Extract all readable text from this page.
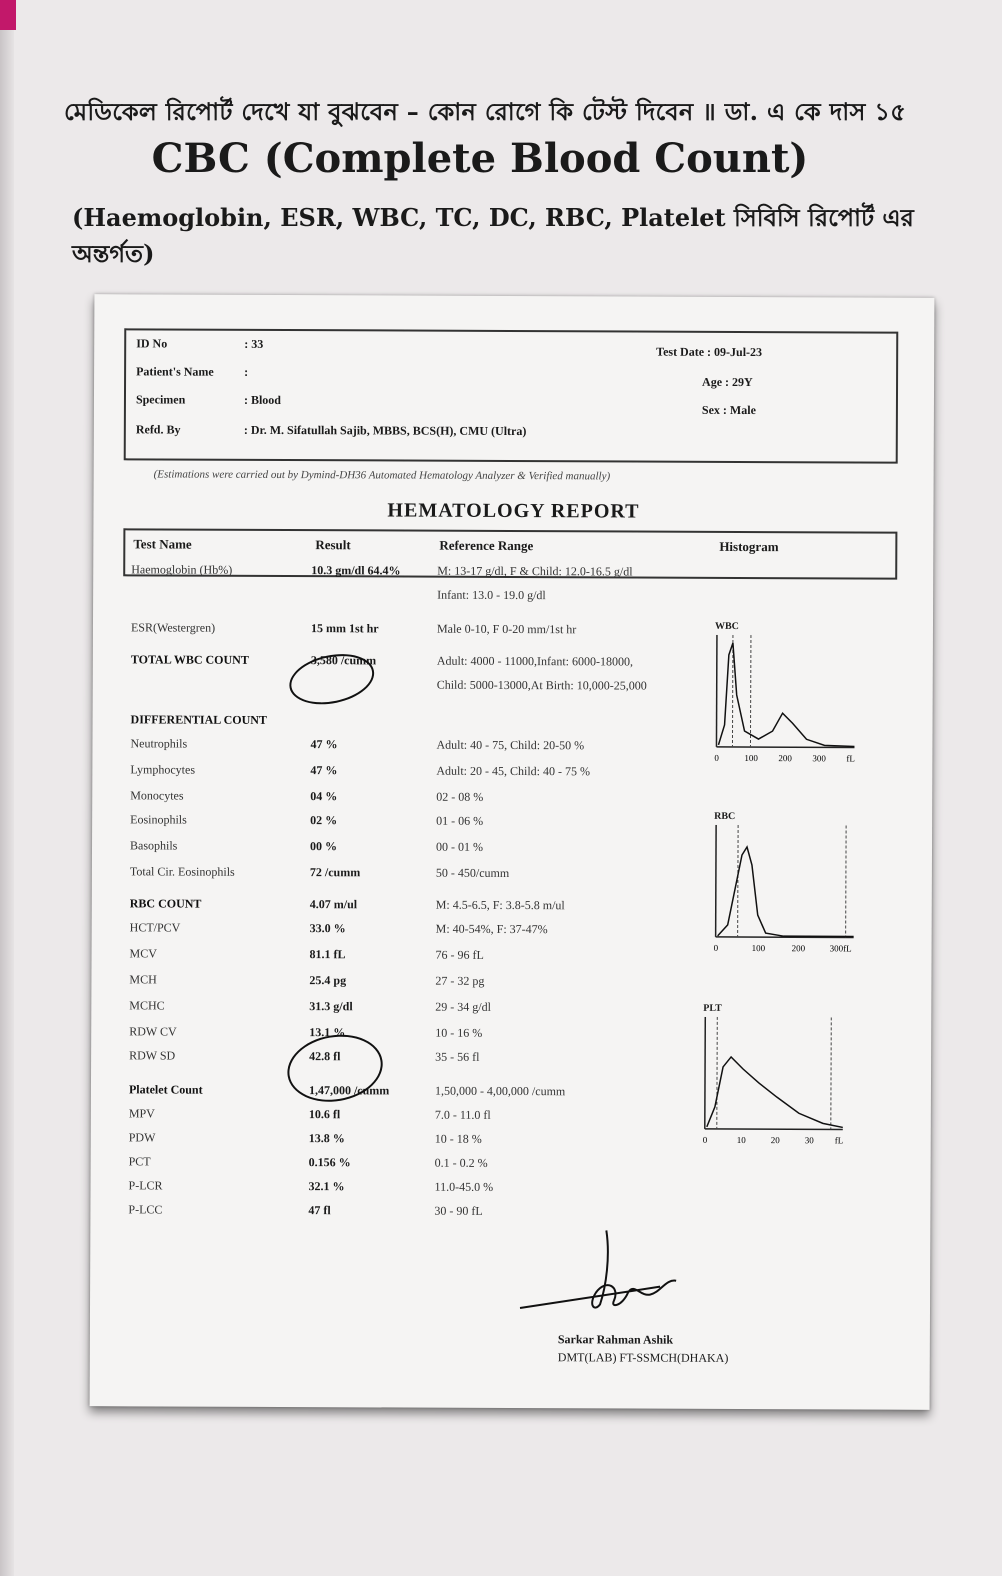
মেডিকেল রিপোর্ট দেখে যা বুঝবেন – কোন রোগে কি টেস্ট দিবেন ॥ ডা. এ কে দাস ১৫
CBC (Complete Blood Count)
(Haemoglobin, ESR, WBC, TC, DC, RBC, Platelet সিবিসি রিপোর্ট এর অন্তর্গত)
ID No	: 33
Patient's Name	:
Specimen	: Blood
Refd. By	: Dr. M. Sifatullah Sajib, MBBS, BCS(H), CMU (Ultra)
Test Date : 09-Jul-23
Age : 29Y
Sex : Male
(Estimations were carried out by Dymind-DH36 Automated Hematology Analyzer & Verified manually)
HEMATOLOGY REPORT
Test Name	Result	Reference Range	Histogram
Haemoglobin (Hb%)	10.3 gm/dl 64.4%	M: 13-17 g/dl, F & Child: 12.0-16.5 g/dl
Infant: 13.0 - 19.0 g/dl
ESR(Westergren)	15 mm 1st hr	Male 0-10, F 0-20 mm/1st hr
TOTAL WBC COUNT	3,580 /cumm	Adult: 4000 - 11000,Infant: 6000-18000,
Child: 5000-13000,At Birth: 10,000-25,000
DIFFERENTIAL COUNT
Neutrophils	47 %	Adult: 40 - 75, Child: 20-50 %
Lymphocytes	47 %	Adult: 20 - 45, Child: 40 - 75 %
Monocytes	04 %	02 - 08 %
Eosinophils	02 %	01 - 06 %
Basophils	00 %	00 - 01 %
Total Cir. Eosinophils	72 /cumm	50 - 450/cumm
RBC COUNT	4.07 m/ul	M: 4.5-6.5, F: 3.8-5.8 m/ul
HCT/PCV	33.0 %	M: 40-54%, F: 37-47%
MCV	81.1 fL	76 - 96 fL
MCH	25.4 pg	27 - 32 pg
MCHC	31.3 g/dl	29 - 34 g/dl
RDW CV	13.1 %	10 - 16 %
RDW SD	42.8 fl	35 - 56 fl
Platelet Count	1,47,000 /cumm	1,50,000 - 4,00,000 /cumm
MPV	10.6 fl	7.0 - 11.0 fl
PDW	13.8 %	10 - 18 %
PCT	0.156 %	0.1 - 0.2 %
P-LCR	32.1 %	11.0-45.0 %
P-LCC	47 fl	30 - 90 fL
WBC
0	100 200 300 fL
RBC
0	100	200	300fL
PLT
0	10	20	30 fL
Sarkar Rahman Ashik
DMT(LAB) FT-SSMCH(DHAKA)
